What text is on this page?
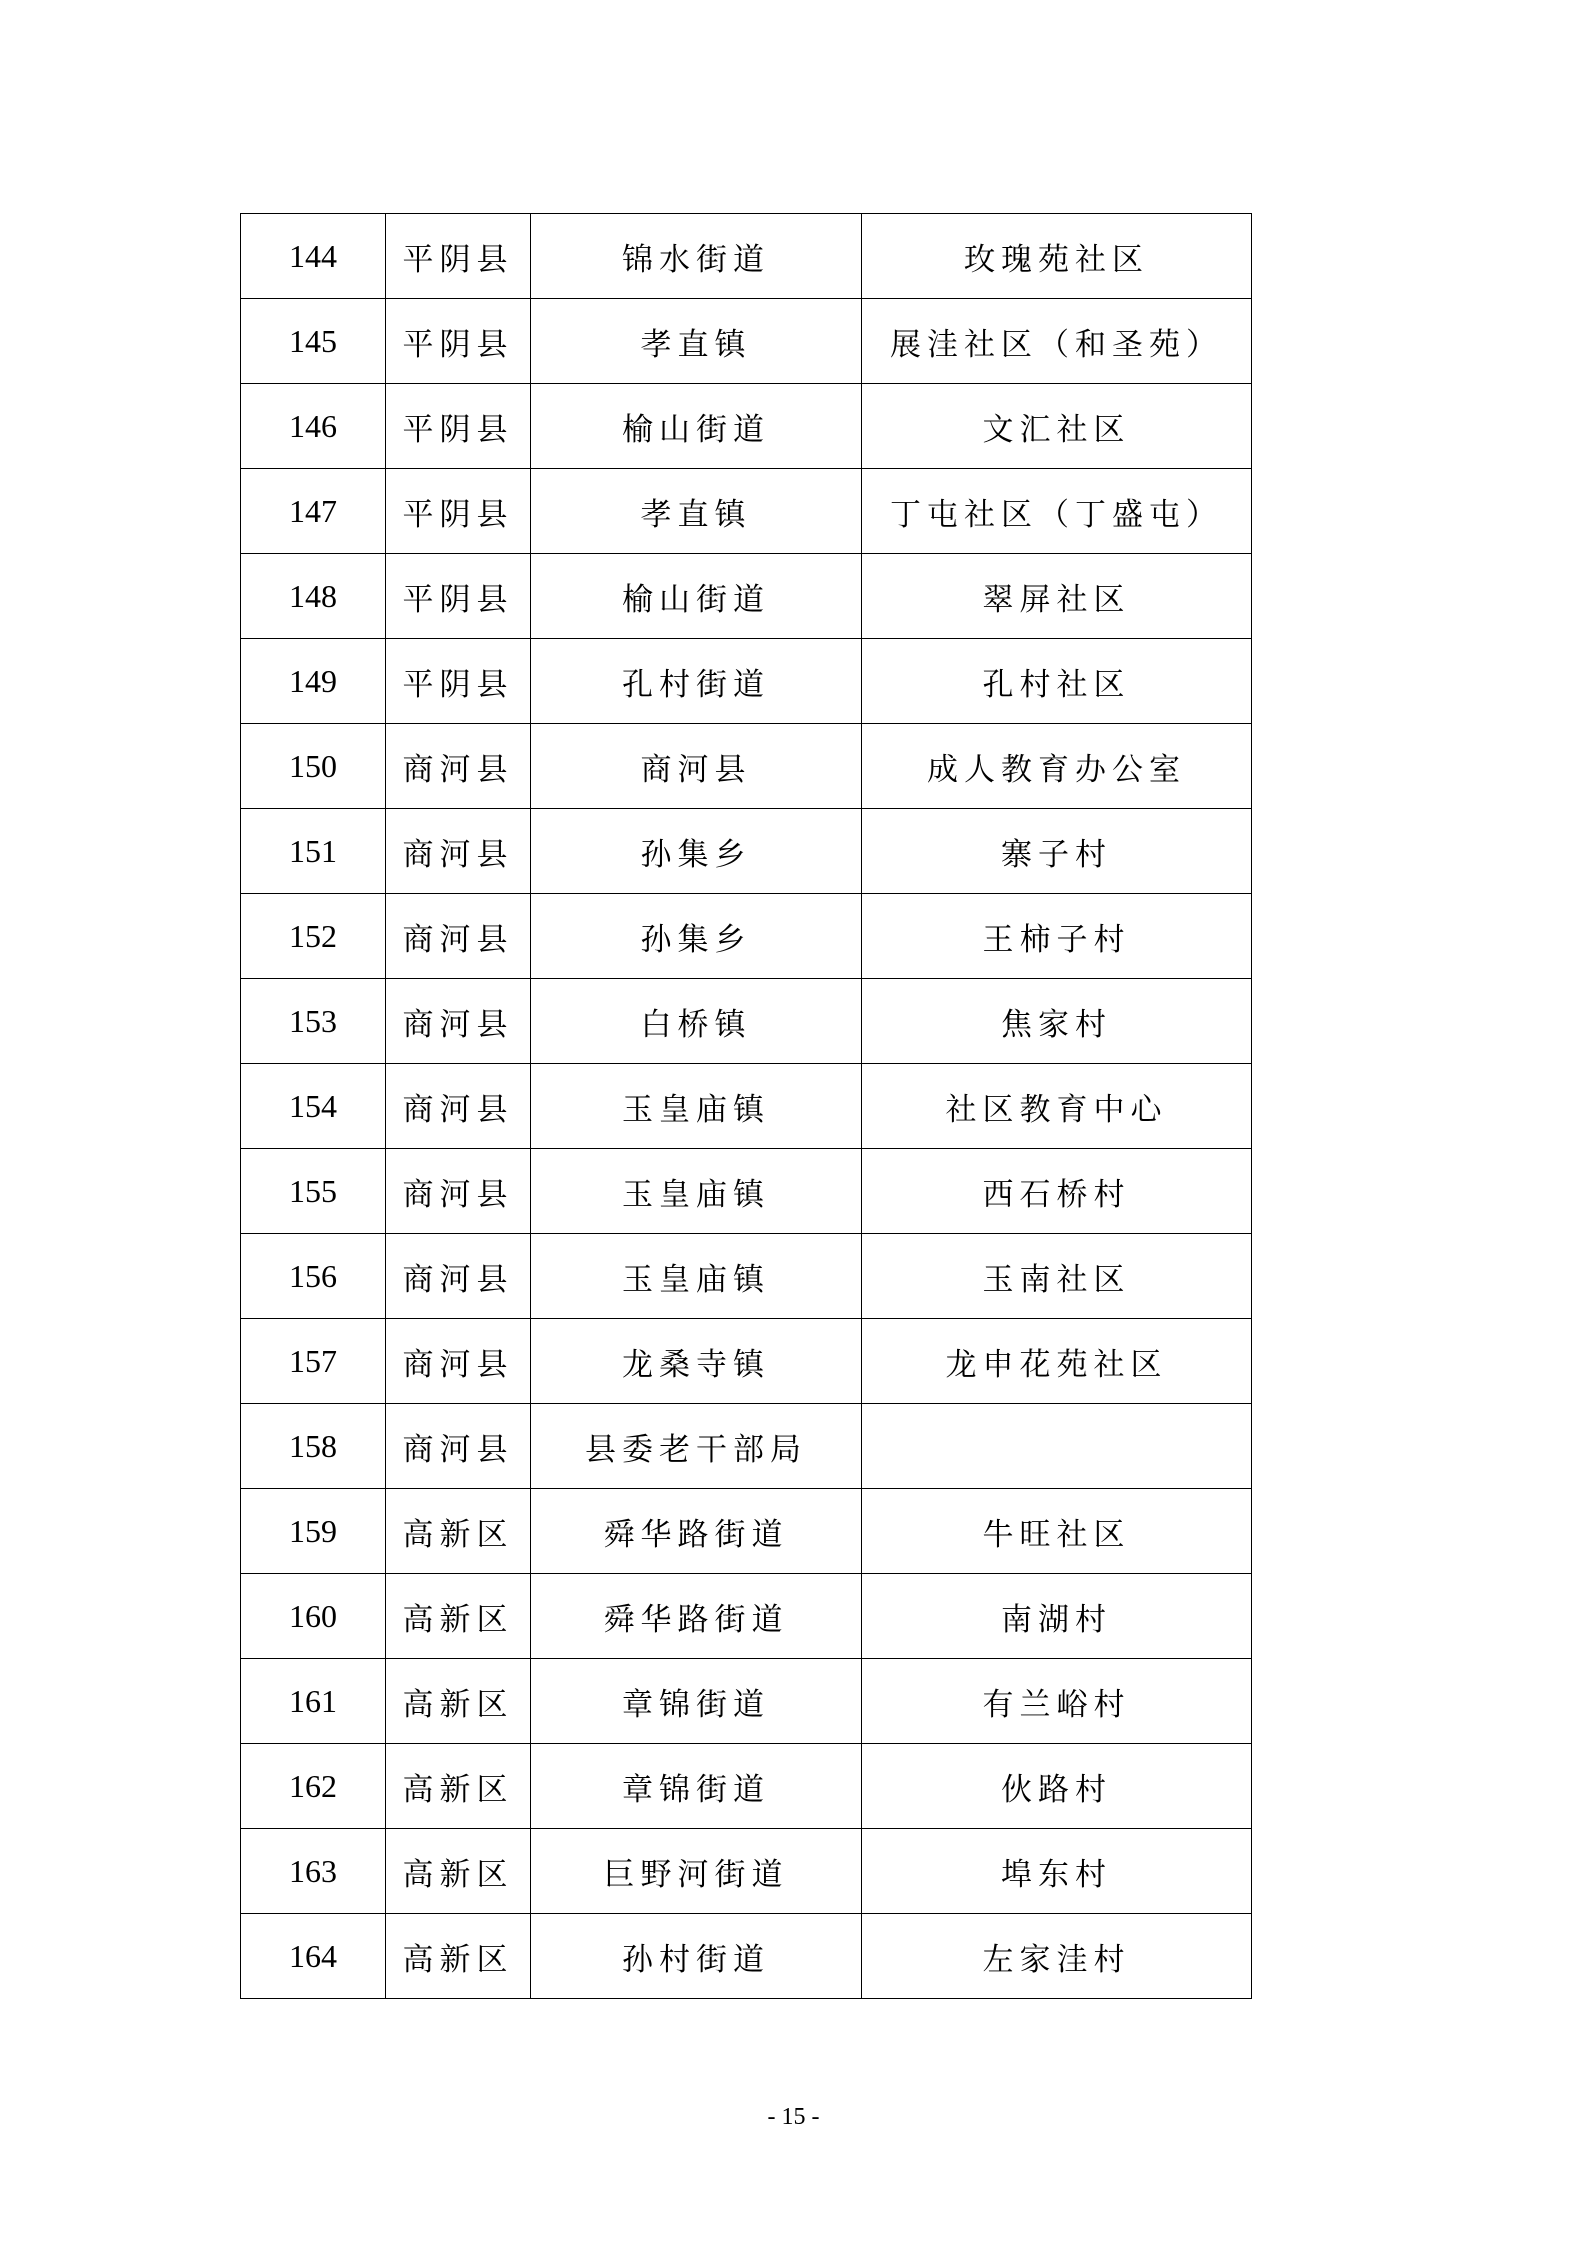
144	平阴县	锦水街道	玫瑰苑社区
145	平阴县	孝直镇	展洼社区（和圣苑）
146	平阴县	榆山街道	文汇社区
147	平阴县	孝直镇	丁屯社区（丁盛屯）
148	平阴县	榆山街道	翠屏社区
149	平阴县	孔村街道	孔村社区
150	商河县	商河县	成人教育办公室
151	商河县	孙集乡	寨子村
152	商河县	孙集乡	王柿子村
153	商河县	白桥镇	焦家村
154	商河县	玉皇庙镇	社区教育中心
155	商河县	玉皇庙镇	西石桥村
156	商河县	玉皇庙镇	玉南社区
157	商河县	龙桑寺镇	龙申花苑社区
158	商河县	县委老干部局	
159	高新区	舜华路街道	牛旺社区
160	高新区	舜华路街道	南湖村
161	高新区	章锦街道	有兰峪村
162	高新区	章锦街道	伙路村
163	高新区	巨野河街道	埠东村
164	高新区	孙村街道	左家洼村
- 15 -
